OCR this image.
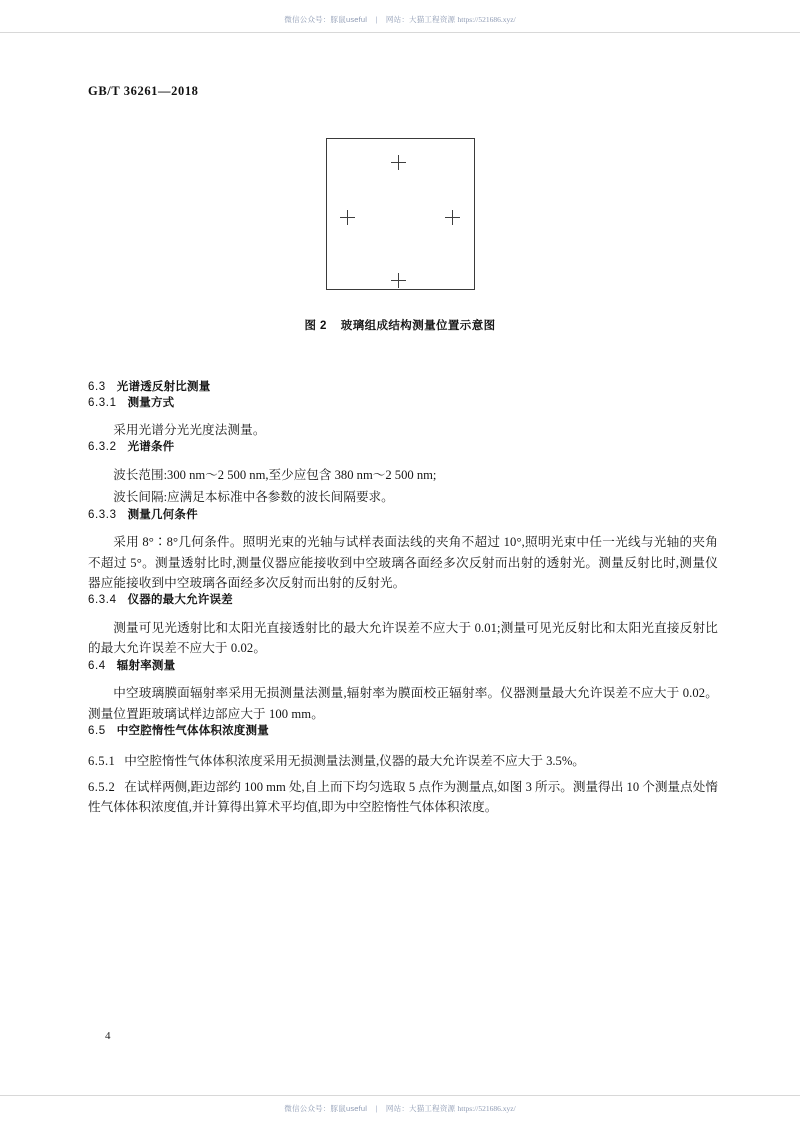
微信公众号：豚鼠useful | 网站：大猫工程资源 https://521686.xyz/
GB/T 36261—2018
图 2 玻璃组成结构测量位置示意图
6.3 光谱透反射比测量
6.3.1 测量方式

采用光谱分光光度法测量。

6.3.2 光谱条件

波长范围:300 nm～2 500 nm,至少应包含 380 nm～2 500 nm;

波长间隔:应满足本标准中各参数的波长间隔要求。

6.3.3 测量几何条件

采用 8°∶8°几何条件。照明光束的光轴与试样表面法线的夹角不超过 10°,照明光束中任一光线与光轴的夹角不超过 5°。测量透射比时,测量仪器应能接收到中空玻璃各面经多次反射而出射的透射光。测量反射比时,测量仪器应能接收到中空玻璃各面经多次反射而出射的反射光。

6.3.4 仪器的最大允许误差

测量可见光透射比和太阳光直接透射比的最大允许误差不应大于 0.01;测量可见光反射比和太阳光直接反射比的最大允许误差不应大于 0.02。

6.4 辐射率测量

中空玻璃膜面辐射率采用无损测量法测量,辐射率为膜面校正辐射率。仪器测量最大允许误差不应大于 0.02。测量位置距玻璃试样边部应大于 100 mm。

6.5 中空腔惰性气体体积浓度测量

6.5.1 中空腔惰性气体体积浓度采用无损测量法测量,仪器的最大允许误差不应大于 3.5%。

6.5.2 在试样两侧,距边部约 100 mm 处,自上而下均匀选取 5 点作为测量点,如图 3 所示。测量得出 10 个测量点处惰性气体体积浓度值,并计算得出算术平均值,即为中空腔惰性气体体积浓度。

4
微信公众号：豚鼠useful | 网站：大猫工程资源 https://521686.xyz/
